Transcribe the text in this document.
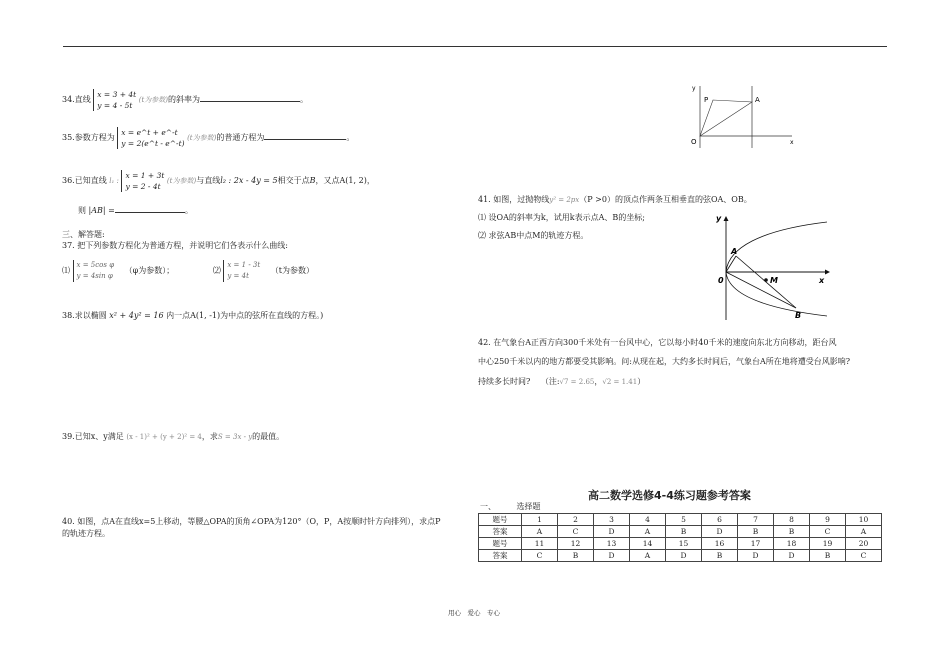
34.直线 x = 3 + 4t
y = 4 - 5t (t为参数)的斜率为	。
35.参数方程为 x = e^t + e^-t
y = 2(e^t - e^-t) (t为参数)的普通方程为	。
36.已知直线 l₁ : x = 1 + 3t
y = 2 - 4t (t为参数)与直线l₂ : 2x - 4y = 5相交于点B，又点A(1, 2)，
则 |AB| =	。
三、解答题:
37. 把下列参数方程化为普通方程，并说明它们各表示什么曲线:
⑴ x = 5cos φ
y = 4sin φ （φ为参数）；	⑵ x = 1 - 3t
y = 4t （t为参数）
38.求以椭圆 x² + 4y² = 16 内一点A(1, -1)为中点的弦所在直线的方程。)
39.已知x、y满足 (x - 1)² + (y + 2)² = 4，求S = 3x - y的最值。
40. 如图，点A在直线x=5上移动，等腰△OPA的顶角∠OPA为120°（O，P，A按顺时针方向排列），求点P
的轨迹方程。
y
x
O
P	A
41. 如图，过抛物线y² = 2px（P >0）的顶点作两条互相垂直的弦OA、OB。
⑴ 设OA的斜率为k，试用k表示点A、B的坐标;
⑵ 求弦AB中点M的轨迹方程。
y
x
0
A
B
M
42. 在气象台A正西方向300千米处有一台风中心，它以每小时40千米的速度向东北方向移动，距台风
中心250千米以内的地方都要受其影响。问:从现在起，大约多长时间后，气象台A所在地将遭受台风影响?
持续多长时间? （注:√7 = 2.65，√2 = 1.41）
高二数学选修4-4练习题参考答案
一、	选择题
题号	1	2	3	4	5	6	7	8	9	10
答案	A	C	D	A	B	D	B	B	C	A
题号	11	12	13	14	15	16	17	18	19	20
答案	C	B	D	A	D	B	D	D	B	C
用心　爱心　专心
